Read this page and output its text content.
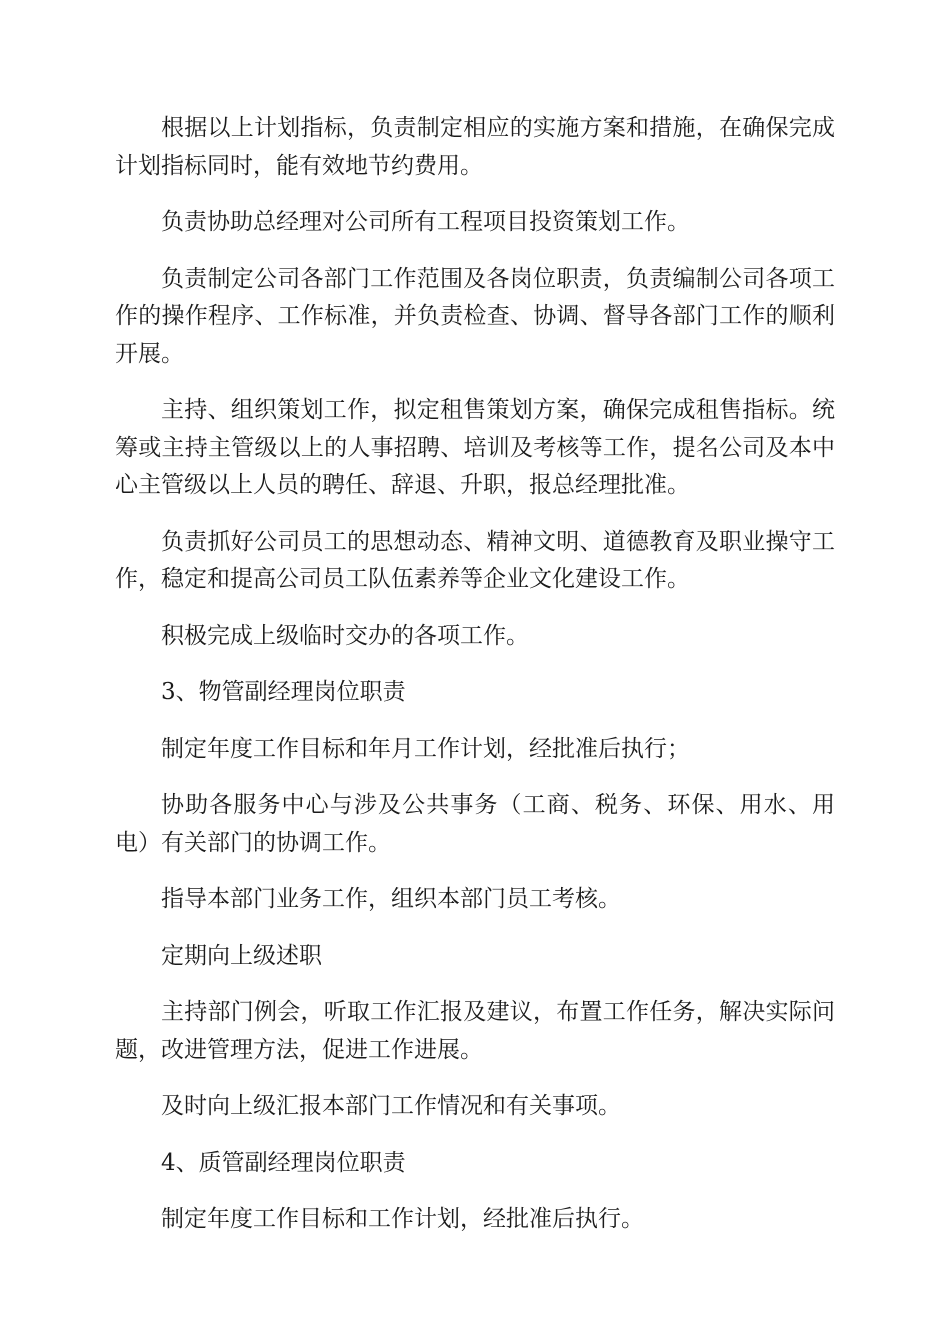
根据以上计划指标，负责制定相应的实施方案和措施，在确保完成计划指标同时，能有效地节约费用。

负责协助总经理对公司所有工程项目投资策划工作。

负责制定公司各部门工作范围及各岗位职责，负责编制公司各项工作的操作程序、工作标准，并负责检查、协调、督导各部门工作的顺利开展。

主持、组织策划工作，拟定租售策划方案，确保完成租售指标。统筹或主持主管级以上的人事招聘、培训及考核等工作，提名公司及本中心主管级以上人员的聘任、辞退、升职，报总经理批准。

负责抓好公司员工的思想动态、精神文明、道德教育及职业操守工作，稳定和提高公司员工队伍素养等企业文化建设工作。

积极完成上级临时交办的各项工作。

3、物管副经理岗位职责

制定年度工作目标和年月工作计划，经批准后执行；

协助各服务中心与涉及公共事务（工商、税务、环保、用水、用电）有关部门的协调工作。

指导本部门业务工作，组织本部门员工考核。

定期向上级述职

主持部门例会，听取工作汇报及建议，布置工作任务，解决实际问题，改进管理方法，促进工作进展。

及时向上级汇报本部门工作情况和有关事项。

4、质管副经理岗位职责

制定年度工作目标和工作计划，经批准后执行。
